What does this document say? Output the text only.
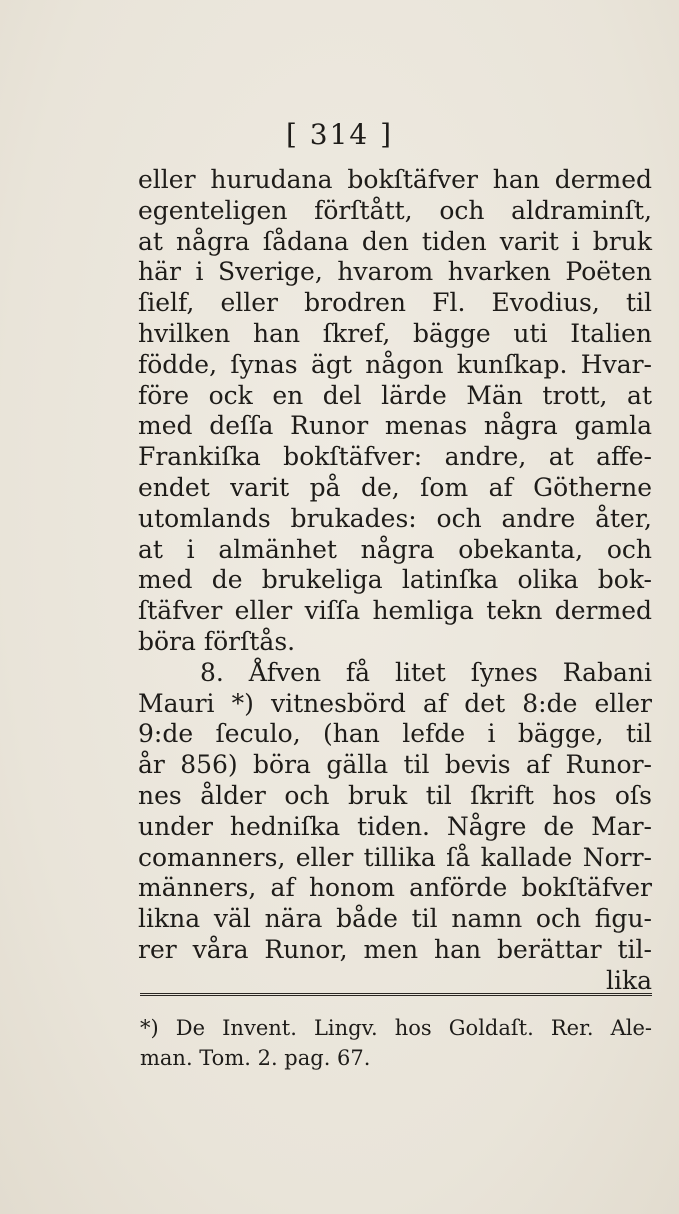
[ 314 ]
eller hurudana bokſtäfver han dermed
egenteligen förſtått, och aldraminſt,
at några ſådana den tiden varit i bruk
här i Sverige, hvarom hvarken Poëten
ſielf, eller brodren Fl. Evodius, til
hvilken han ſkref, bägge uti Italien
födde, ſynas ägt någon kunſkap. Hvar-
före ock en del lärde Män trott, at
med deſſa Runor menas några gamla
Frankiſka bokſtäfver: andre, at affe-
endet varit på de, ſom af Götherne
utomlands brukades: och andre åter,
at i almänhet några obekanta, och
med de brukeliga latinſka olika bok-
ſtäfver eller viſſa hemliga tekn dermed
böra förſtås.
8. Åfven få litet ſynes Rabani
Mauri *) vitnesbörd af det 8:de eller
9:de ſeculo, (han lefde i bägge, til
år 856) böra gälla til bevis af Runor-
nes ålder och bruk til ſkrift hos oſs
under hedniſka tiden. Någre de Mar-
comanners, eller tillika ſå kallade Norr-
männers, af honom anförde bokſtäfver
likna väl nära både til namn och figu-
rer våra Runor, men han berättar til-
lika
*) De Invent. Lingv. hos Goldaſt. Rer. Ale-
man. Tom. 2. pag. 67.
